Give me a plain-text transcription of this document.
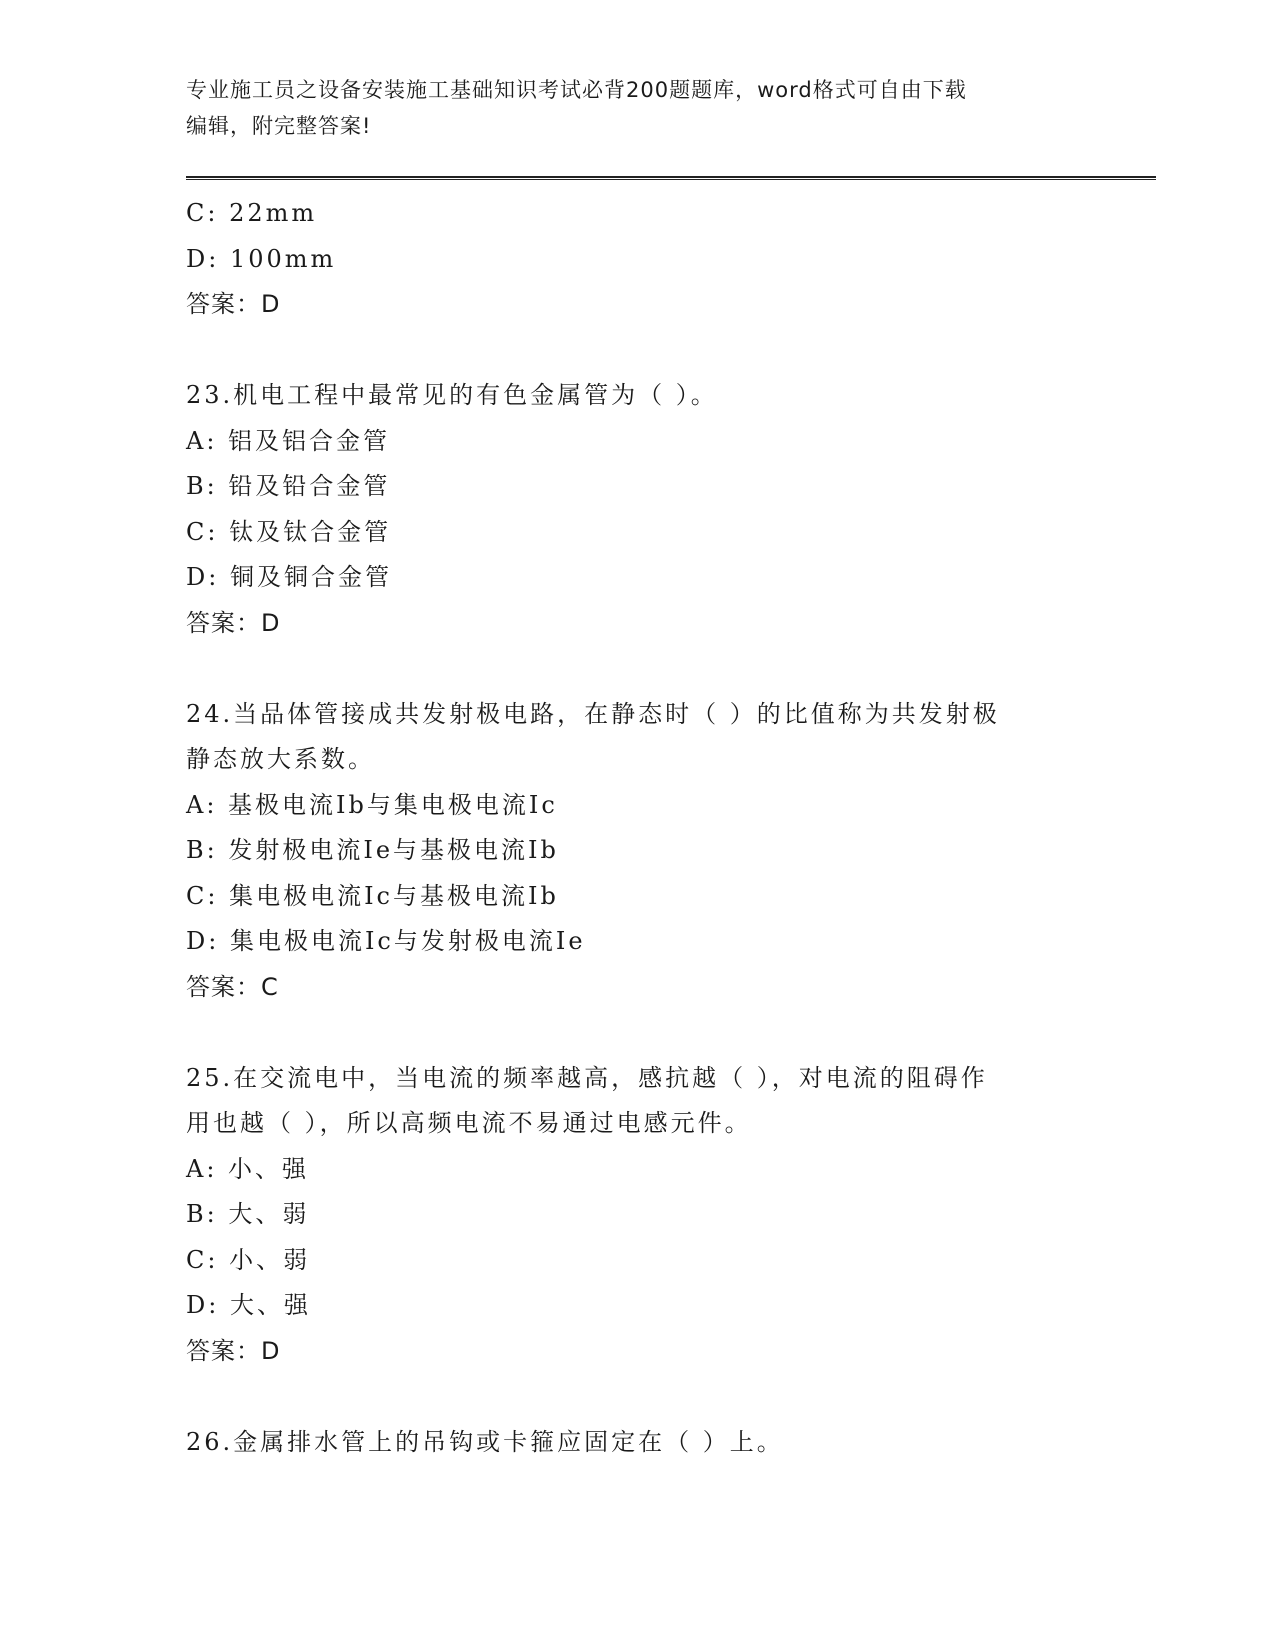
专业施工员之设备安装施工基础知识考试必背200题题库，word格式可自由下载
编辑，附完整答案!
C: 22mm
D: 100mm
答案：D
23.机电工程中最常见的有色金属管为（ ）。
A: 铝及铝合金管
B: 铅及铅合金管
C: 钛及钛合金管
D: 铜及铜合金管
答案：D
24.当品体管接成共发射极电路，在静态时（ ）的比值称为共发射极
静态放大系数。
A: 基极电流Ib与集电极电流Ic
B: 发射极电流Ie与基极电流Ib
C: 集电极电流Ic与基极电流Ib
D: 集电极电流Ic与发射极电流Ie
答案：C
25.在交流电中，当电流的频率越高，感抗越（ ），对电流的阻碍作
用也越（ ），所以高频电流不易通过电感元件。
A: 小、强
B: 大、弱
C: 小、弱
D: 大、强
答案：D
26.金属排水管上的吊钩或卡箍应固定在（ ）上。
